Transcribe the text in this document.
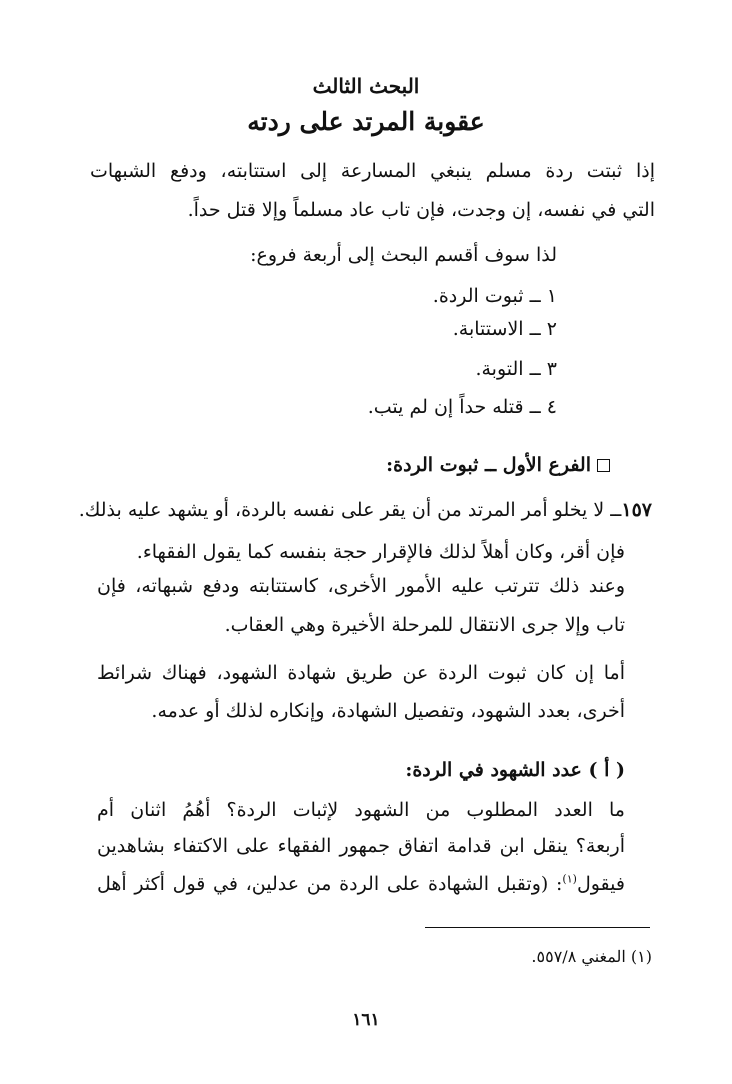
البحث الثالث
عقوبة المرتد على ردته
إذا ثبتت ردة مسلم ينبغي المسارعة إلى استتابته، ودفع الشبهات
التي في نفسه، إن وجدت، فإن تاب عاد مسلماً وإلا قتل حداً.
لذا سوف أقسم البحث إلى أربعة فروع:
١ ــ ثبوت الردة.
٢ ــ الاستتابة.
٣ ــ التوبة.
٤ ــ قتله حداً إن لم يتب.
الفرع الأول ــ ثبوت الردة:
١٥٧ــ لا يخلو أمر المرتد من أن يقر على نفسه بالردة، أو يشهد عليه بذلك.
فإن أقر، وكان أهلاً لذلك فالإقرار حجة بنفسه كما يقول الفقهاء.
وعند ذلك تترتب عليه الأمور الأخرى، كاستتابته ودفع شبهاته، فإن
تاب وإلا جرى الانتقال للمرحلة الأخيرة وهي العقاب.
أما إن كان ثبوت الردة عن طريق شهادة الشهود، فهناك شرائط
أخرى، بعدد الشهود، وتفصيل الشهادة، وإنكاره لذلك أو عدمه.
( أ ) عدد الشهود في الردة:
ما العدد المطلوب من الشهود لإثبات الردة؟ أهُمُ اثنان أم
أربعة؟ ينقل ابن قدامة اتفاق جمهور الفقهاء على الاكتفاء بشاهدين
فيقول$^{(١)}$: (وتقبل الشهادة على الردة من عدلين، في قول أكثر أهل
(١) المغني ٥٥٧/٨.
١٦١
